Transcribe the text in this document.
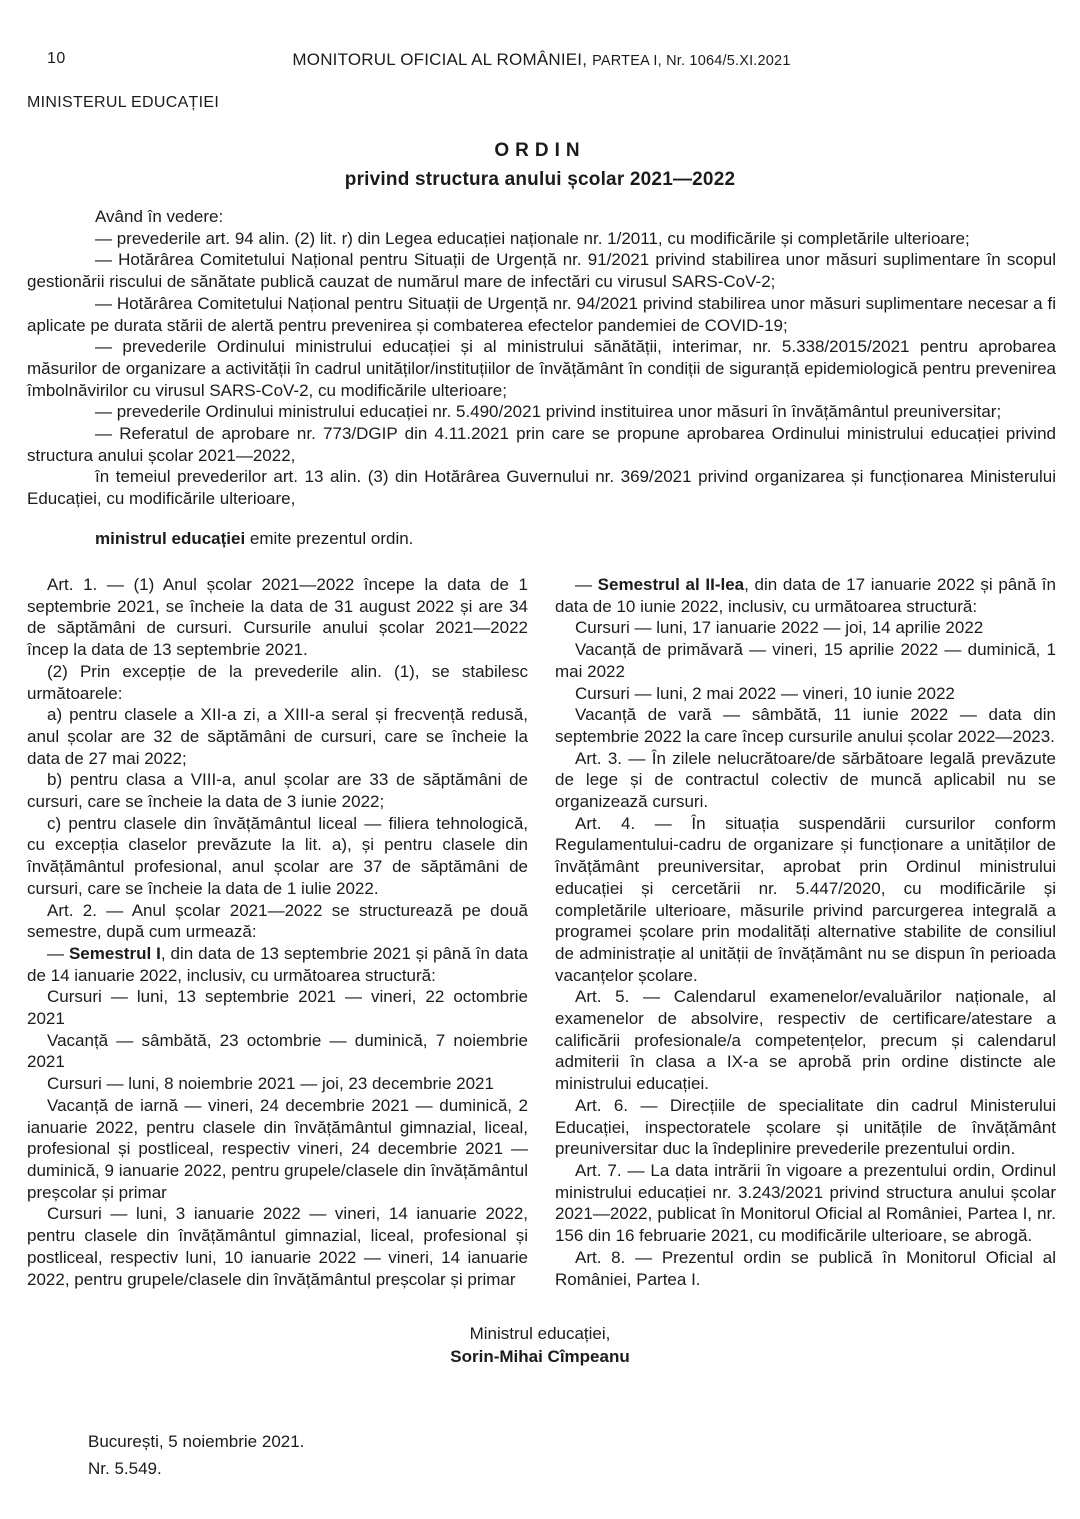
10	MONITORUL OFICIAL AL ROMÂNIEI, PARTEA I, Nr. 1064/5.XI.2021
MINISTERUL EDUCAȚIEI
ORDIN
privind structura anului școlar 2021—2022

Având în vedere:

— prevederile art. 94 alin. (2) lit. r) din Legea educației naționale nr. 1/2011, cu modificările și completările ulterioare;

— Hotărârea Comitetului Național pentru Situații de Urgență nr. 91/2021 privind stabilirea unor măsuri suplimentare în scopul gestionării riscului de sănătate publică cauzat de numărul mare de infectări cu virusul SARS-CoV-2;

— Hotărârea Comitetului Național pentru Situații de Urgență nr. 94/2021 privind stabilirea unor măsuri suplimentare necesar a fi aplicate pe durata stării de alertă pentru prevenirea și combaterea efectelor pandemiei de COVID-19;

— prevederile Ordinului ministrului educației și al ministrului sănătății, interimar, nr. 5.338/2015/2021 pentru aprobarea măsurilor de organizare a activității în cadrul unităților/instituțiilor de învățământ în condiții de siguranță epidemiologică pentru prevenirea îmbolnăvirilor cu virusul SARS-CoV-2, cu modificările ulterioare;

— prevederile Ordinului ministrului educației nr. 5.490/2021 privind instituirea unor măsuri în învățământul preuniversitar;

— Referatul de aprobare nr. 773/DGIP din 4.11.2021 prin care se propune aprobarea Ordinului ministrului educației privind structura anului școlar 2021—2022,

în temeiul prevederilor art. 13 alin. (3) din Hotărârea Guvernului nr. 369/2021 privind organizarea și funcționarea Ministerului Educației, cu modificările ulterioare,

ministrul educației emite prezentul ordin.

Art. 1. — (1) Anul școlar 2021—2022 începe la data de 1 septembrie 2021, se încheie la data de 31 august 2022 și are 34 de săptămâni de cursuri. Cursurile anului școlar 2021—2022 încep la data de 13 septembrie 2021.

(2) Prin excepție de la prevederile alin. (1), se stabilesc următoarele:

a) pentru clasele a XII-a zi, a XIII-a seral și frecvență redusă, anul școlar are 32 de săptămâni de cursuri, care se încheie la data de 27 mai 2022;

b) pentru clasa a VIII-a, anul școlar are 33 de săptămâni de cursuri, care se încheie la data de 3 iunie 2022;

c) pentru clasele din învățământul liceal — filiera tehnologică, cu excepția claselor prevăzute la lit. a), și pentru clasele din învățământul profesional, anul școlar are 37 de săptămâni de cursuri, care se încheie la data de 1 iulie 2022.

Art. 2. — Anul școlar 2021—2022 se structurează pe două semestre, după cum urmează:

— Semestrul I, din data de 13 septembrie 2021 și până în data de 14 ianuarie 2022, inclusiv, cu următoarea structură:

Cursuri — luni, 13 septembrie 2021 — vineri, 22 octombrie 2021

Vacanță — sâmbătă, 23 octombrie — duminică, 7 noiembrie 2021

Cursuri — luni, 8 noiembrie 2021 — joi, 23 decembrie 2021

Vacanță de iarnă — vineri, 24 decembrie 2021 — duminică, 2 ianuarie 2022, pentru clasele din învățământul gimnazial, liceal, profesional și postliceal, respectiv vineri, 24 decembrie 2021 — duminică, 9 ianuarie 2022, pentru grupele/clasele din învățământul preșcolar și primar

Cursuri — luni, 3 ianuarie 2022 — vineri, 14 ianuarie 2022, pentru clasele din învățământul gimnazial, liceal, profesional și postliceal, respectiv luni, 10 ianuarie 2022 — vineri, 14 ianuarie 2022, pentru grupele/clasele din învățământul preșcolar și primar

— Semestrul al II-lea, din data de 17 ianuarie 2022 și până în data de 10 iunie 2022, inclusiv, cu următoarea structură:

Cursuri — luni, 17 ianuarie 2022 — joi, 14 aprilie 2022

Vacanță de primăvară — vineri, 15 aprilie 2022 — duminică, 1 mai 2022

Cursuri — luni, 2 mai 2022 — vineri, 10 iunie 2022

Vacanță de vară — sâmbătă, 11 iunie 2022 — data din septembrie 2022 la care încep cursurile anului școlar 2022—2023.

Art. 3. — În zilele nelucrătoare/de sărbătoare legală prevăzute de lege și de contractul colectiv de muncă aplicabil nu se organizează cursuri.

Art. 4. — În situația suspendării cursurilor conform Regulamentului-cadru de organizare și funcționare a unităților de învățământ preuniversitar, aprobat prin Ordinul ministrului educației și cercetării nr. 5.447/2020, cu modificările și completările ulterioare, măsurile privind parcurgerea integrală a programei școlare prin modalități alternative stabilite de consiliul de administrație al unității de învățământ nu se dispun în perioada vacanțelor școlare.

Art. 5. — Calendarul examenelor/evaluărilor naționale, al examenelor de absolvire, respectiv de certificare/atestare a calificării profesionale/a competențelor, precum și calendarul admiterii în clasa a IX-a se aprobă prin ordine distincte ale ministrului educației.

Art. 6. — Direcțiile de specialitate din cadrul Ministerului Educației, inspectoratele școlare și unitățile de învățământ preuniversitar duc la îndeplinire prevederile prezentului ordin.

Art. 7. — La data intrării în vigoare a prezentului ordin, Ordinul ministrului educației nr. 3.243/2021 privind structura anului școlar 2021—2022, publicat în Monitorul Oficial al României, Partea I, nr. 156 din 16 februarie 2021, cu modificările ulterioare, se abrogă.

Art. 8. — Prezentul ordin se publică în Monitorul Oficial al României, Partea I.

Ministrul educației,
Sorin-Mihai Cîmpeanu
București, 5 noiembrie 2021.
Nr. 5.549.
